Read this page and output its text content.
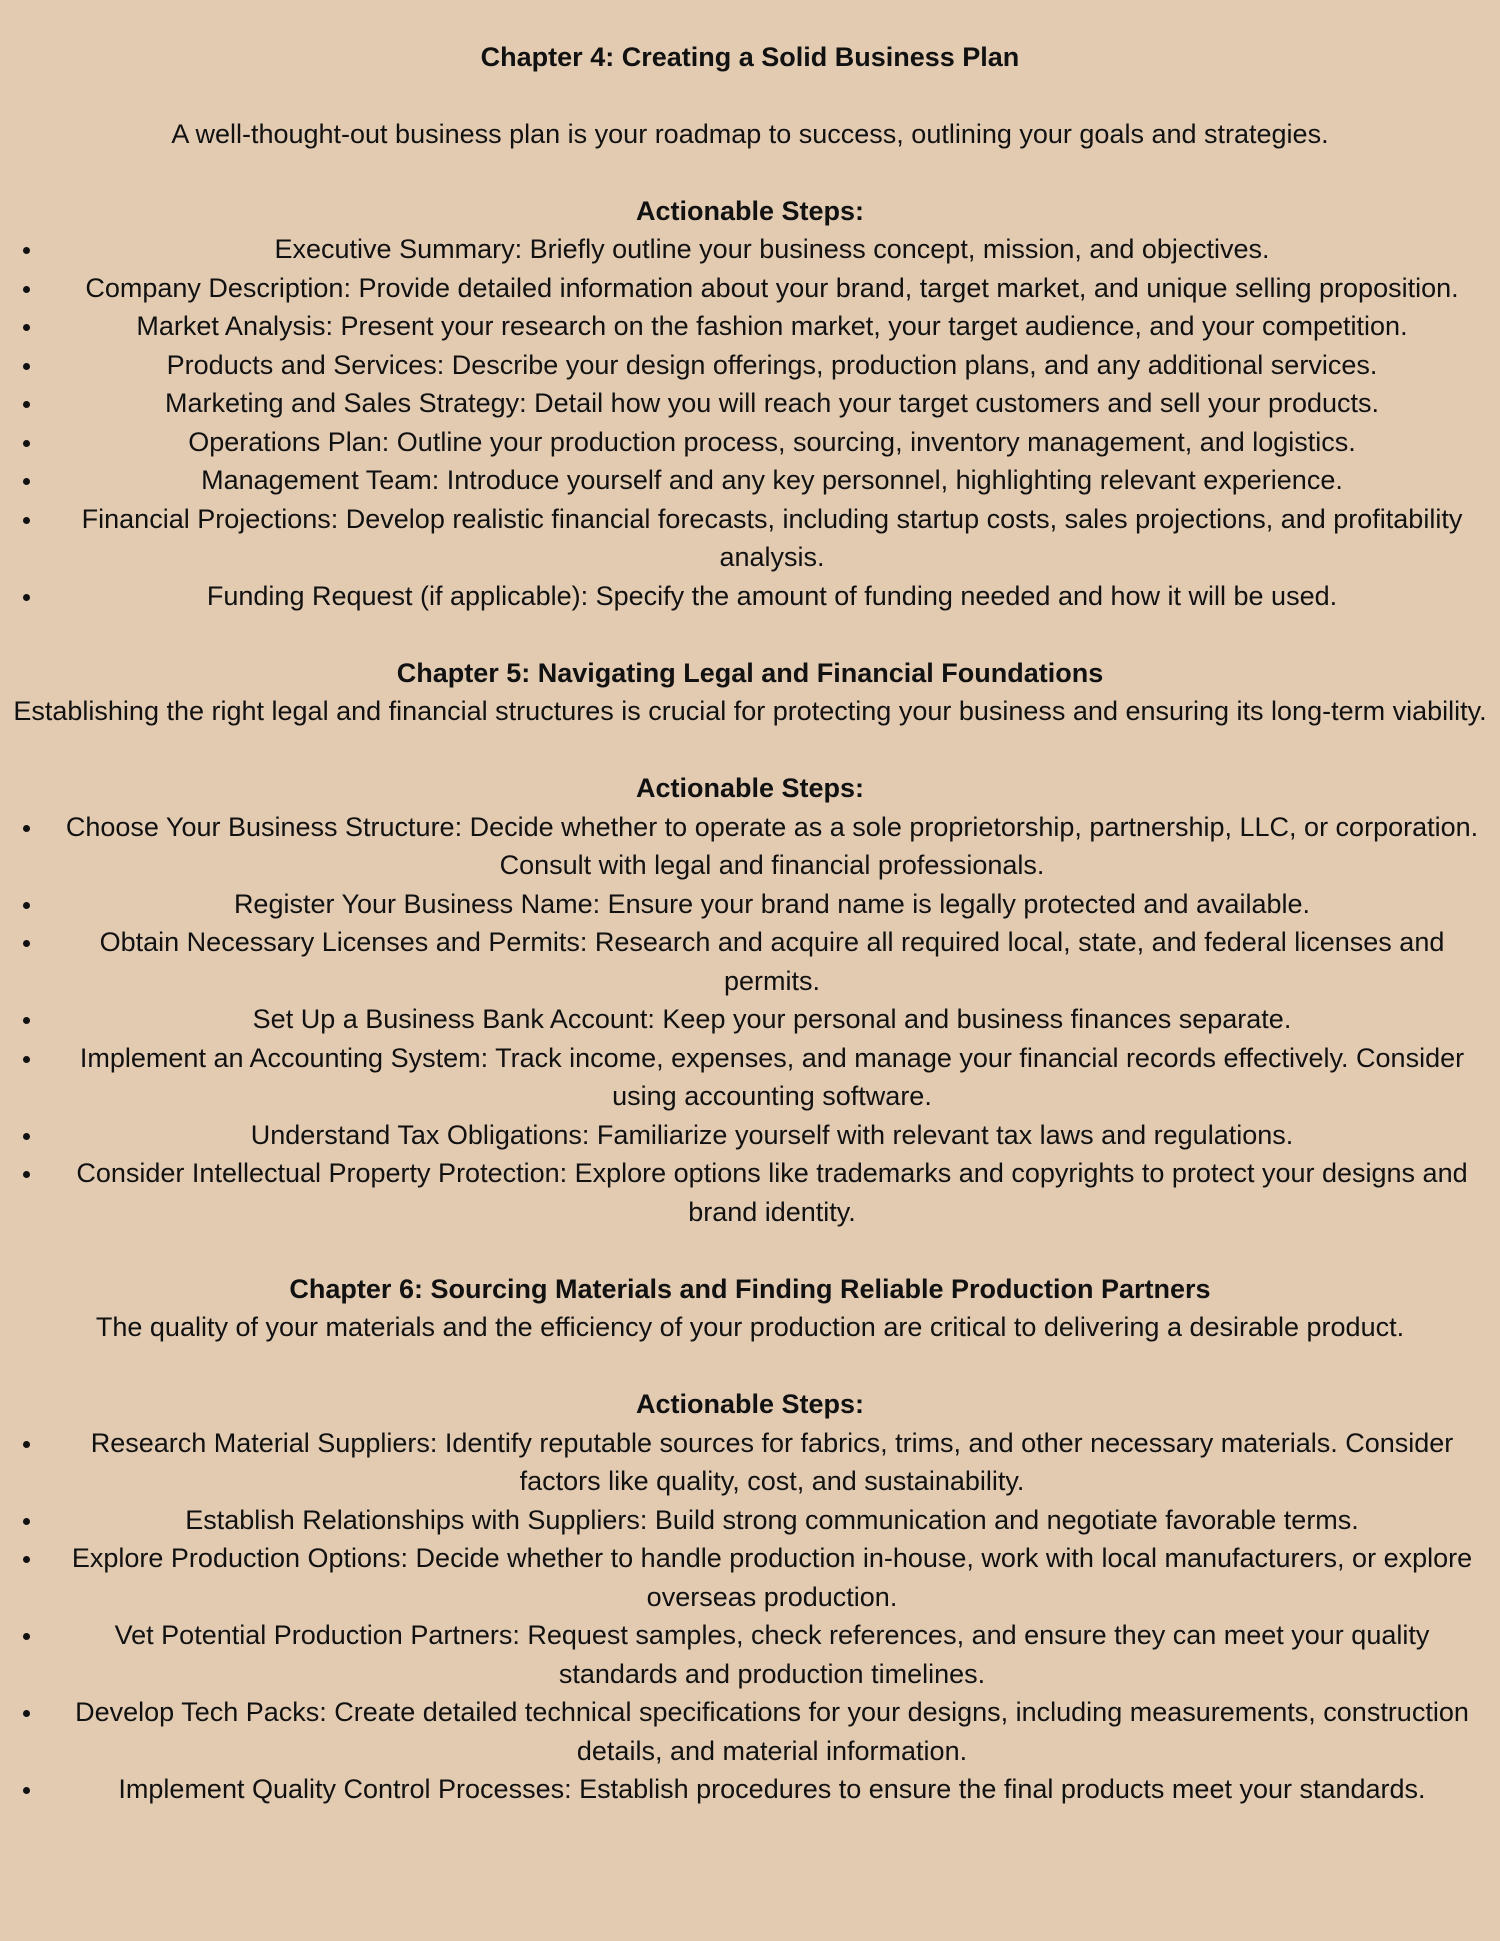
Chapter 4: Creating a Solid Business Plan

A well-thought-out business plan is your roadmap to success, outlining your goals and strategies.

Actionable Steps:
Executive Summary: Briefly outline your business concept, mission, and objectives.
Company Description: Provide detailed information about your brand, target market, and unique selling proposition.
Market Analysis: Present your research on the fashion market, your target audience, and your competition.
Products and Services: Describe your design offerings, production plans, and any additional services.
Marketing and Sales Strategy: Detail how you will reach your target customers and sell your products.
Operations Plan: Outline your production process, sourcing, inventory management, and logistics.
Management Team: Introduce yourself and any key personnel, highlighting relevant experience.
Financial Projections: Develop realistic financial forecasts, including startup costs, sales projections, and profitability analysis.
Funding Request (if applicable): Specify the amount of funding needed and how it will be used.
Chapter 5: Navigating Legal and Financial Foundations

Establishing the right legal and financial structures is crucial for protecting your business and ensuring its long-term viability.

Actionable Steps:
Choose Your Business Structure: Decide whether to operate as a sole proprietorship, partnership, LLC, or corporation. Consult with legal and financial professionals.
Register Your Business Name: Ensure your brand name is legally protected and available.
Obtain Necessary Licenses and Permits: Research and acquire all required local, state, and federal licenses and permits.
Set Up a Business Bank Account: Keep your personal and business finances separate.
Implement an Accounting System: Track income, expenses, and manage your financial records effectively. Consider using accounting software.
Understand Tax Obligations: Familiarize yourself with relevant tax laws and regulations.
Consider Intellectual Property Protection: Explore options like trademarks and copyrights to protect your designs and brand identity.
Chapter 6: Sourcing Materials and Finding Reliable Production Partners

The quality of your materials and the efficiency of your production are critical to delivering a desirable product.

Actionable Steps:
Research Material Suppliers: Identify reputable sources for fabrics, trims, and other necessary materials. Consider factors like quality, cost, and sustainability.
Establish Relationships with Suppliers: Build strong communication and negotiate favorable terms.
Explore Production Options: Decide whether to handle production in-house, work with local manufacturers, or explore overseas production.
Vet Potential Production Partners: Request samples, check references, and ensure they can meet your quality standards and production timelines.
Develop Tech Packs: Create detailed technical specifications for your designs, including measurements, construction details, and material information.
Implement Quality Control Processes: Establish procedures to ensure the final products meet your standards.
